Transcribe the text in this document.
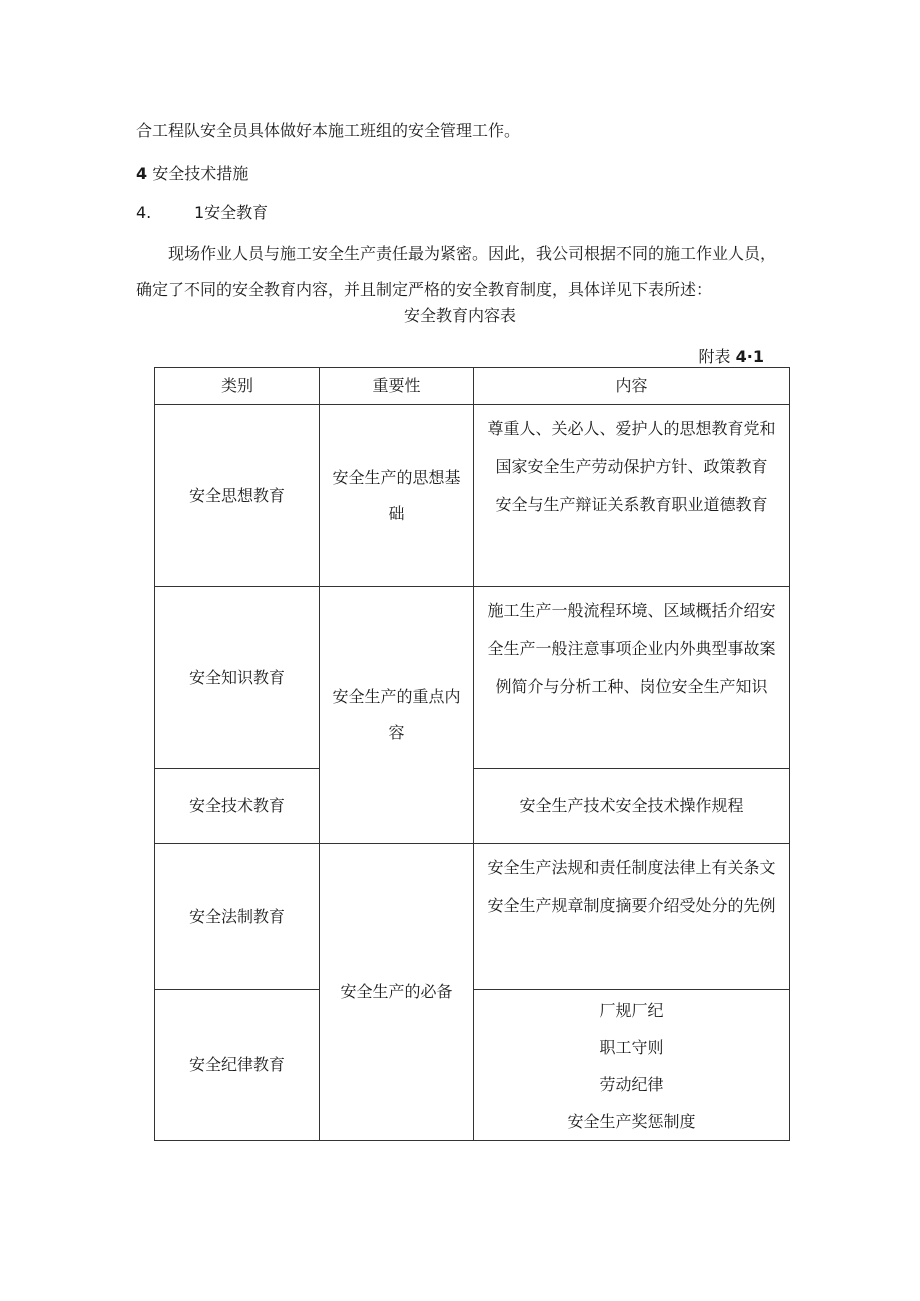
合工程队安全员具体做好本施工班组的安全管理工作。
4 安全技术措施
4.	1安全教育
现场作业人员与施工安全生产责任最为紧密。因此，我公司根据不同的施工作业人员，确定了不同的安全教育内容，并且制定严格的安全教育制度，具体详见下表所述：
安全教育内容表
附表 4·1
类别	重要性	内容
安全思想教育	安全生产的思想基础	尊重人、关必人、爱护人的思想教育党和
国家安全生产劳动保护方针、政策教育
安全与生产辩证关系教育职业道德教育

安全知识教育	安全生产的重点内容	施工生产一般流程环境、区域概括介绍安
全生产一般注意事项企业内外典型事故案
例简介与分析工种、岗位安全生产知识

安全技术教育		安全生产技术安全技术操作规程

安全法制教育	安全生产的必备	安全生产法规和责任制度法律上有关条文
安全生产规章制度摘要介绍受处分的先例

安全纪律教育		厂规厂纪
职工守则
劳动纪律
安全生产奖惩制度
